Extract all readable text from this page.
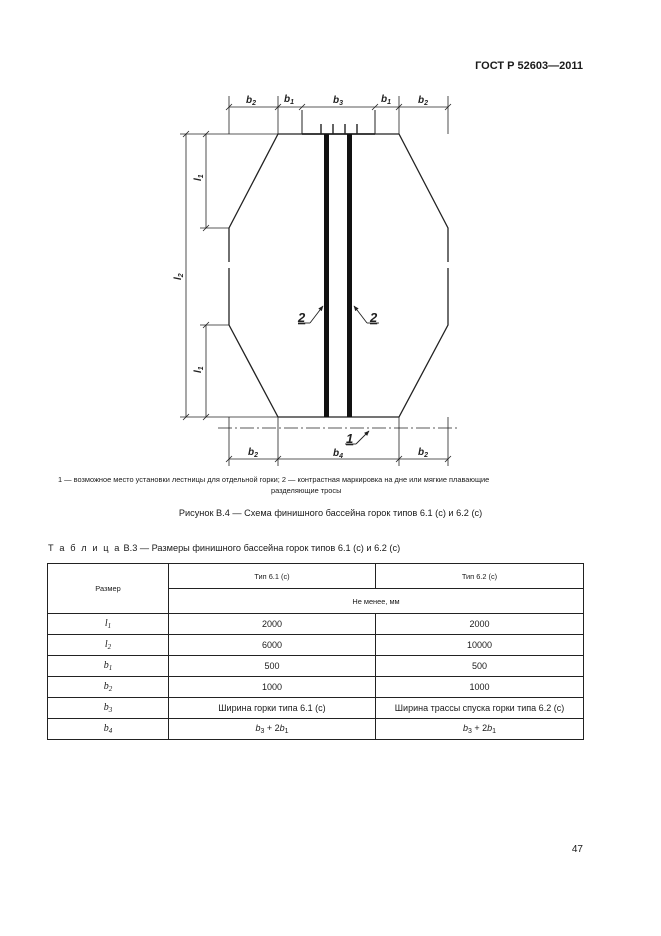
ГОСТ Р 52603—2011
$b_2$	$b_1$	$b_3$	$b_1$	$b_2$
$b_2$	$b_4$	$b_2$
$l_1$
$l_1$
$l_2$
2	2
1
1 — возможное место установки лестницы для отдельной горки; 2 — контрастная маркировка на дне или мягкие плавающие
разделяющие тросы
Рисунок В.4 — Схема финишного бассейна горок типов 6.1 (с) и 6.2 (с)
Т а б л и ц а В.3 — Размеры финишного бассейна горок типов 6.1 (с) и 6.2 (с)
Размер	Тип 6.1 (с)	Тип 6.2 (с)
	Не менее, мм	
$l_1$	2000	2000
$l_2$	6000	10000
$b_1$	500	500
$b_2$	1000	1000
$b_3$	Ширина горки типа 6.1 (с)	Ширина трассы спуска горки типа 6.2 (с)
$b_4$	$b_3 + 2b_1$	$b_3 + 2b_1$
47
